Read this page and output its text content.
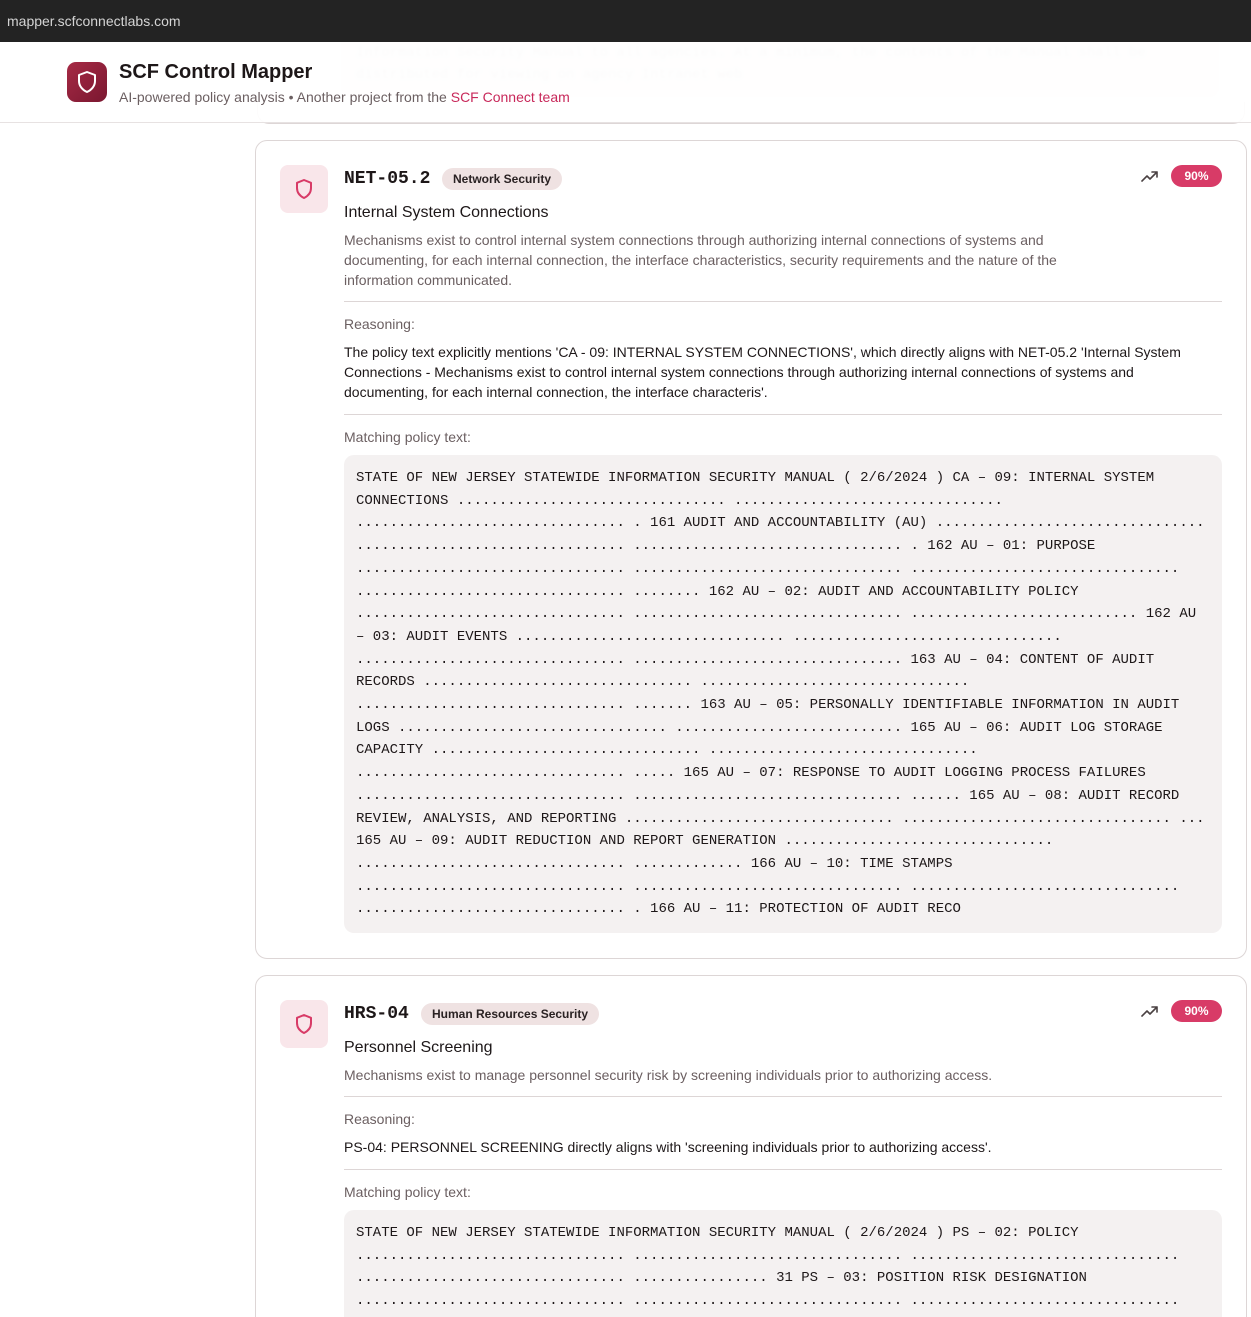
mapper.scfconnectlabs.com
SCF Control Mapper
AI-powered policy analysis • Another project from the SCF Connect team
NET-05.2	Network Security	90%
Internal System Connections
Mechanisms exist to control internal system connections through authorizing internal connections of systems and documenting, for each internal connection, the interface characteristics, security requirements and the nature of the information communicated.
Reasoning:
The policy text explicitly mentions 'CA - 09: INTERNAL SYSTEM CONNECTIONS', which directly aligns with NET-05.2 'Internal System Connections - Mechanisms exist to control internal system connections through authorizing internal connections of systems and documenting, for each internal connection, the interface characteris'.
Matching policy text:
STATE OF NEW JERSEY STATEWIDE INFORMATION SECURITY MANUAL ( 2/6/2024 ) CA – 09: INTERNAL SYSTEM
CONNECTIONS ................................ ................................
................................ . 161 AUDIT AND ACCOUNTABILITY (AU) ................................
................................ ................................ . 162 AU – 01: PURPOSE
................................ ................................ ................................
................................ ........ 162 AU – 02: AUDIT AND ACCOUNTABILITY POLICY
................................ ................................ ........................... 162 AU
– 03: AUDIT EVENTS ................................ ................................
................................ ................................ 163 AU – 04: CONTENT OF AUDIT
RECORDS ................................ ................................
................................ ....... 163 AU – 05: PERSONALLY IDENTIFIABLE INFORMATION IN AUDIT
LOGS ................................ ........................... 165 AU – 06: AUDIT LOG STORAGE
CAPACITY ................................ ................................
................................ ..... 165 AU – 07: RESPONSE TO AUDIT LOGGING PROCESS FAILURES
................................ ................................ ...... 165 AU – 08: AUDIT RECORD
REVIEW, ANALYSIS, AND REPORTING ................................ ................................ ...
165 AU – 09: AUDIT REDUCTION AND REPORT GENERATION ................................
................................ ............. 166 AU – 10: TIME STAMPS
................................ ................................ ................................
................................ . 166 AU – 11: PROTECTION OF AUDIT RECO
HRS-04	Human Resources Security	90%
Personnel Screening
Mechanisms exist to manage personnel security risk by screening individuals prior to authorizing access.
Reasoning:
PS-04: PERSONNEL SCREENING directly aligns with 'screening individuals prior to authorizing access'.
Matching policy text:
STATE OF NEW JERSEY STATEWIDE INFORMATION SECURITY MANUAL ( 2/6/2024 ) PS – 02: POLICY
................................ ................................ ................................
................................ ................ 31 PS – 03: POSITION RISK DESIGNATION
................................ ................................ ................................
